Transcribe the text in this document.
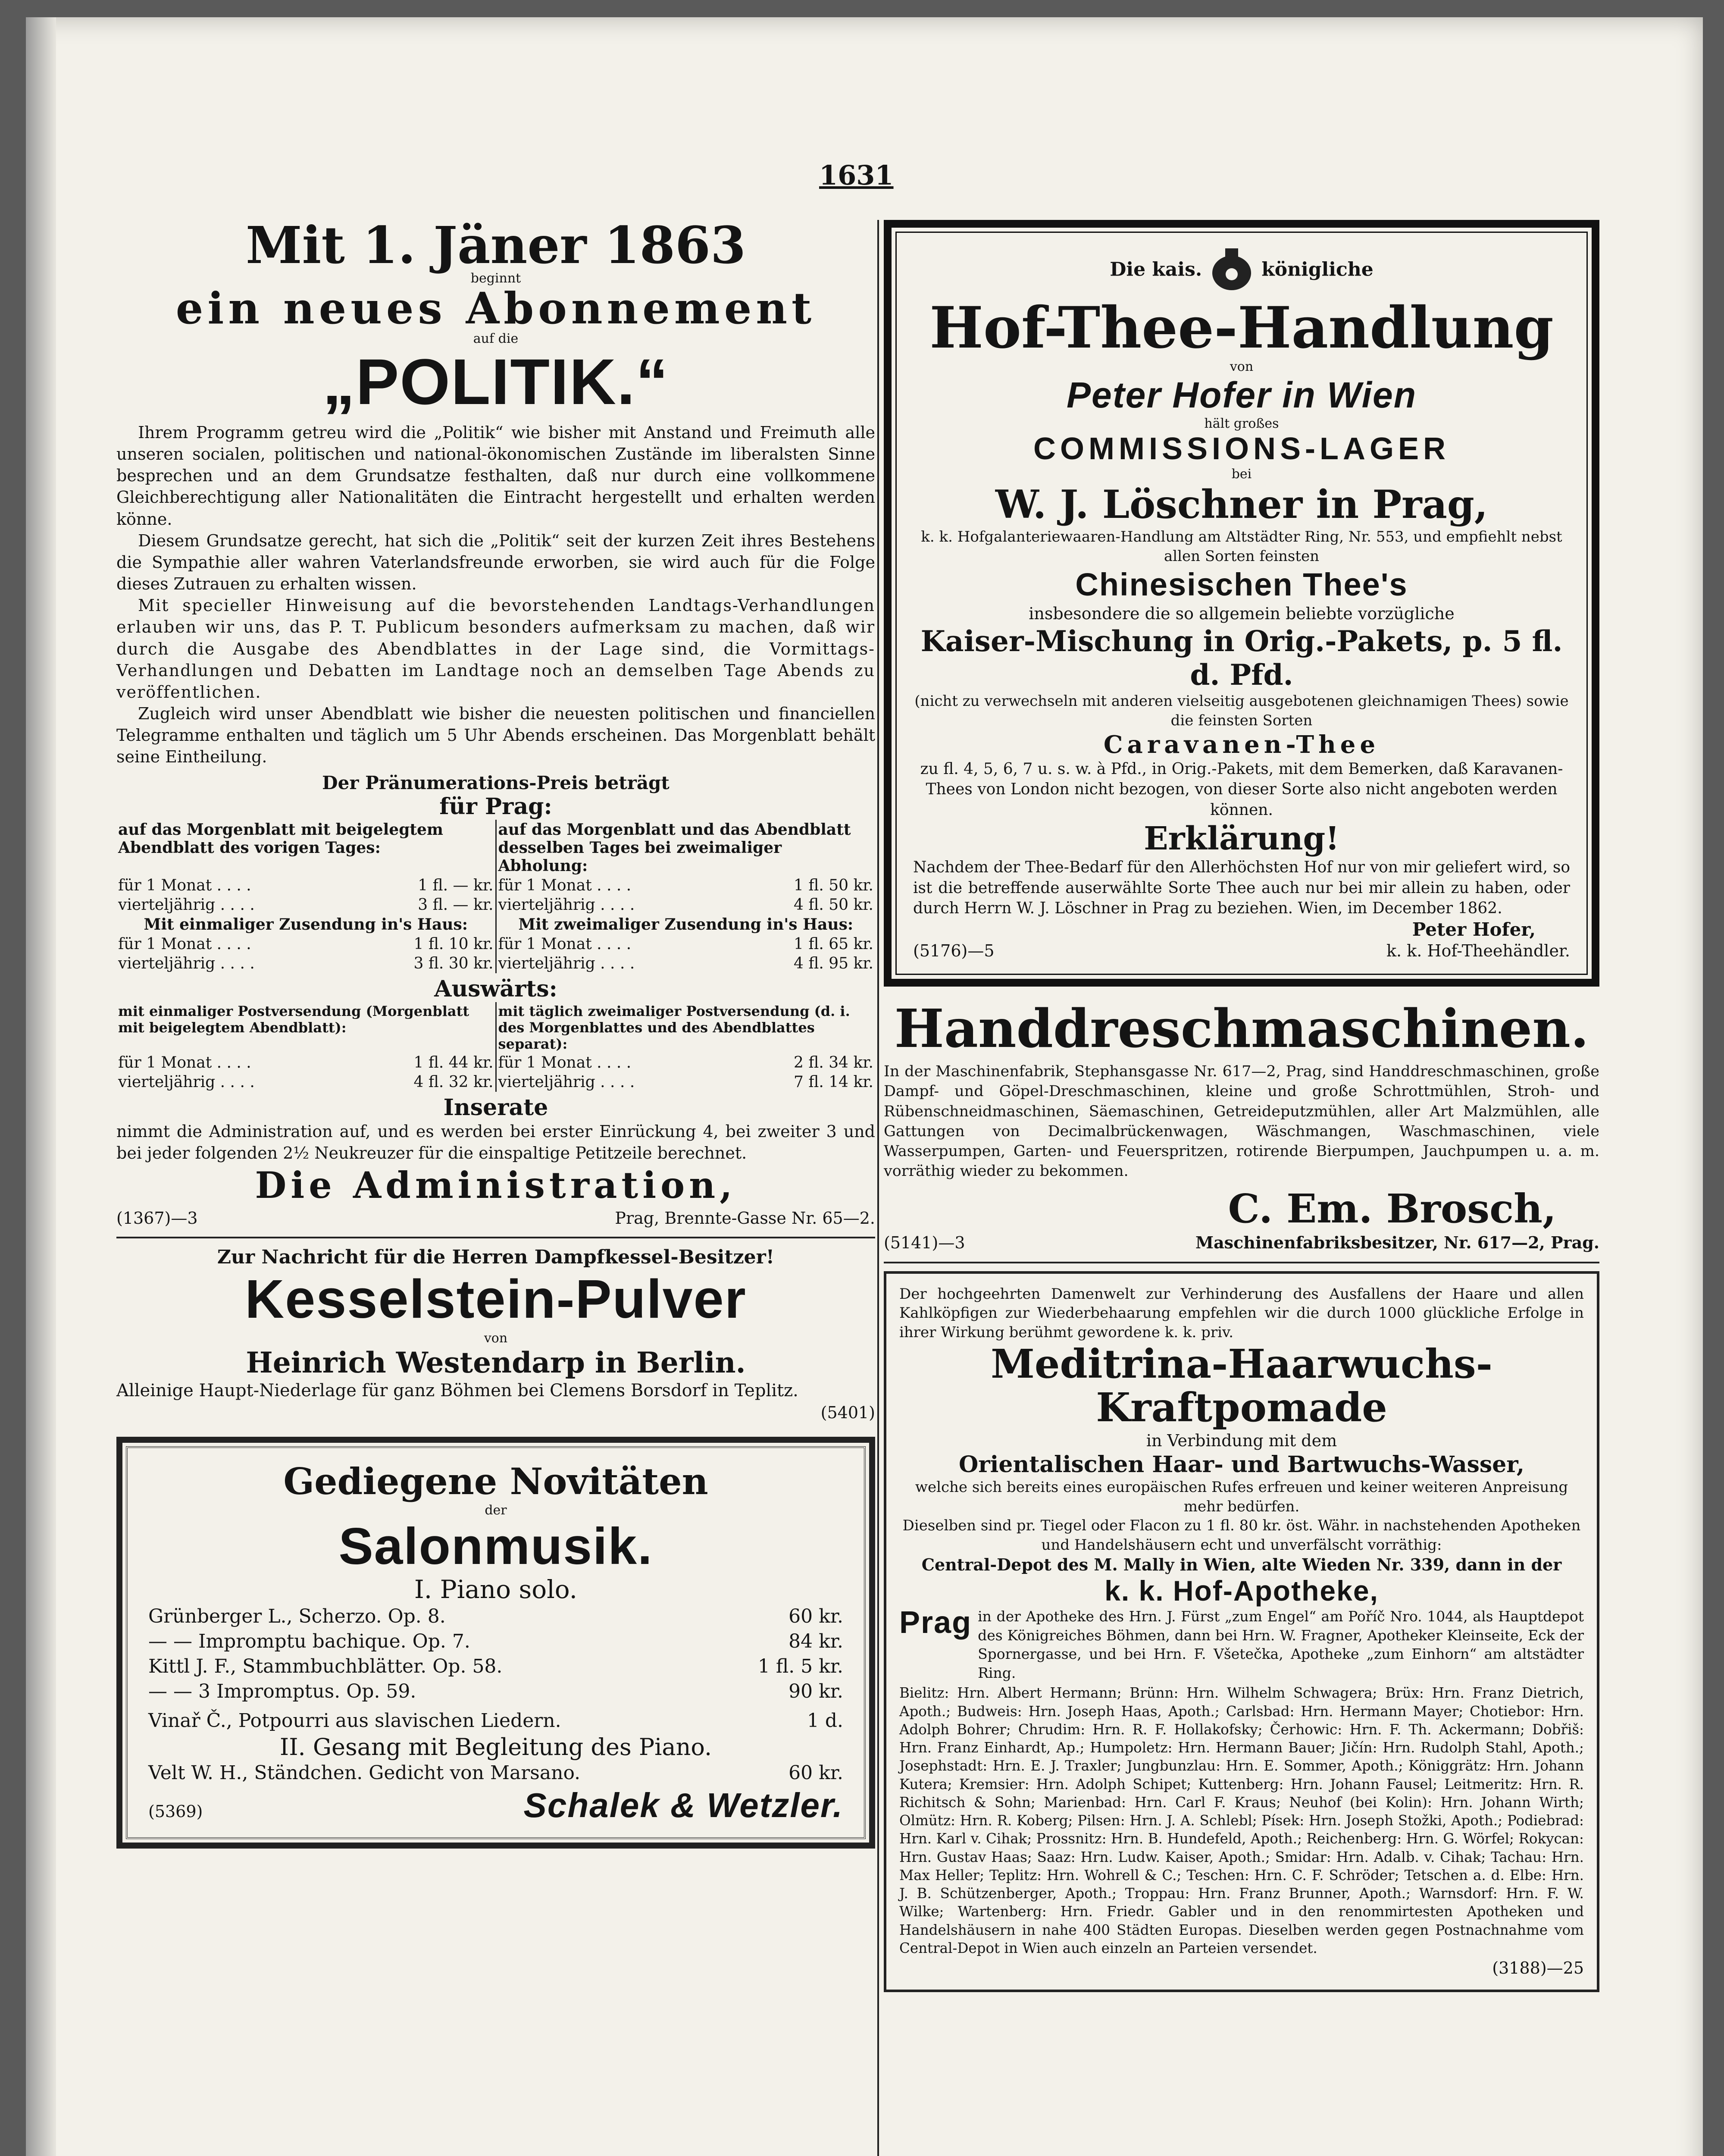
1631
Mit 1. Jäner 1863
beginnt
ein neues Abonnement
auf die
„POLITIK.“

Ihrem Programm getreu wird die „Politik“ wie bisher mit Anstand und Freimuth alle unseren socialen, politischen und national-ökonomischen Zustände im liberalsten Sinne besprechen und an dem Grundsatze festhalten, daß nur durch eine vollkommene Gleichberechtigung aller Nationalitäten die Eintracht hergestellt und erhalten werden könne.

Diesem Grundsatze gerecht, hat sich die „Politik“ seit der kurzen Zeit ihres Bestehens die Sympathie aller wahren Vaterlandsfreunde erworben, sie wird auch für die Folge dieses Zutrauen zu erhalten wissen.

Mit specieller Hinweisung auf die bevorstehenden Landtags-Verhandlungen erlauben wir uns, das P. T. Publicum besonders aufmerksam zu machen, daß wir durch die Ausgabe des Abendblattes in der Lage sind, die Vormittags-Verhandlungen und Debatten im Landtage noch an demselben Tage Abends zu veröffentlichen.

Zugleich wird unser Abendblatt wie bisher die neuesten politischen und financiellen Telegramme enthalten und täglich um 5 Uhr Abends erscheinen. Das Morgenblatt behält seine Eintheilung.

Der Pränumerations-Preis beträgt
für Prag:
auf das Morgenblatt mit beigelegtem Abendblatt des vorigen Tages:	auf das Morgenblatt und das Abendblatt desselben Tages bei zweimaliger Abholung:

für 1 Monat . . . . 1 fl. — kr.	für 1 Monat . . . . 1 fl. 50 kr.

vierteljährig . . . . 3 fl. — kr.	vierteljährig . . . . 4 fl. 50 kr.

Mit einmaliger Zusendung in's Haus:	Mit zweimaliger Zusendung in's Haus:

für 1 Monat . . . . 1 fl. 10 kr.	für 1 Monat . . . . 1 fl. 65 kr.

vierteljährig . . . . 3 fl. 30 kr.	vierteljährig . . . . 4 fl. 95 kr.
Auswärts:
mit einmaliger Postversendung (Morgenblatt mit beigelegtem Abendblatt):	mit täglich zweimaliger Postversendung (d. i. des Morgenblattes und des Abendblattes separat):

für 1 Monat . . . . 1 fl. 44 kr.	für 1 Monat . . . . 2 fl. 34 kr.

vierteljährig . . . . 4 fl. 32 kr.	vierteljährig . . . . 7 fl. 14 kr.
Inserate

nimmt die Administration auf, und es werden bei erster Einrückung 4, bei zweiter 3 und bei jeder folgenden 2½ Neukreuzer für die einspaltige Petitzeile berechnet.

Die Administration,
(1367)—3	Prag, Brennte-Gasse Nr. 65—2.
Zur Nachricht für die Herren Dampfkessel-Besitzer!
Kesselstein-Pulver
von
Heinrich Westendarp in Berlin.

Alleinige Haupt-Niederlage für ganz Böhmen bei Clemens Borsdorf in Teplitz.

(5401)
Gediegene Novitäten
der
Salonmusik.
I. Piano solo.
Grünberger L., Scherzo. Op. 8.	60 kr.
— — Impromptu bachique. Op. 7.	84 kr.
Kittl J. F., Stammbuchblätter. Op. 58.	1 fl. 5 kr.
— — 3 Impromptus. Op. 59.	90 kr.
Vinař Č., Potpourri aus slavischen Liedern.	1 d.
II. Gesang mit Begleitung des Piano.
Velt W. H., Ständchen. Gedicht von Marsano.	60 kr.
(5369)	Schalek & Wetzler.
Die kais.	königliche
Hof-Thee-Handlung
von
Peter Hofer in Wien
hält großes
COMMISSIONS-LAGER
bei
W. J. Löschner in Prag,
k. k. Hofgalanteriewaaren-Handlung am Altstädter Ring, Nr. 553, und empfiehlt nebst allen Sorten feinsten
Chinesischen Thee's
insbesondere die so allgemein beliebte vorzügliche
Kaiser-Mischung in Orig.-Pakets, p. 5 fl. d. Pfd.
(nicht zu verwechseln mit anderen vielseitig ausgebotenen gleichnamigen Thees) sowie die feinsten Sorten
Caravanen-Thee
zu fl. 4, 5, 6, 7 u. s. w. à Pfd., in Orig.-Pakets, mit dem Bemerken, daß Karavanen-Thees von London nicht bezogen, von dieser Sorte also nicht angeboten werden können.
Erklärung!

Nachdem der Thee-Bedarf für den Allerhöchsten Hof nur von mir geliefert wird, so ist die betreffende auserwählte Sorte Thee auch nur bei mir allein zu haben, oder durch Herrn W. J. Löschner in Prag zu beziehen. Wien, im December 1862.

Peter Hofer,
(5176)—5	k. k. Hof-Theehändler.
Handdreschmaschinen.

In der Maschinenfabrik, Stephansgasse Nr. 617—2, Prag, sind Handdreschmaschinen, große Dampf- und Göpel-Dreschmaschinen, kleine und große Schrottmühlen, Stroh- und Rübenschneidmaschinen, Säemaschinen, Getreideputzmühlen, aller Art Malzmühlen, alle Gattungen von Decimalbrückenwagen, Wäschmangen, Waschmaschinen, viele Wasserpumpen, Garten- und Feuerspritzen, rotirende Bierpumpen, Jauchpumpen u. a. m. vorräthig wieder zu bekommen.

C. Em. Brosch,
(5141)—3	Maschinenfabriksbesitzer, Nr. 617—2, Prag.

Der hochgeehrten Damenwelt zur Verhinderung des Ausfallens der Haare und allen Kahlköpfigen zur Wiederbehaarung empfehlen wir die durch 1000 glückliche Erfolge in ihrer Wirkung berühmt gewordene k. k. priv.

Meditrina-Haarwuchs-Kraftpomade
in Verbindung mit dem
Orientalischen Haar- und Bartwuchs-Wasser,
welche sich bereits eines europäischen Rufes erfreuen und keiner weiteren Anpreisung mehr bedürfen.
Dieselben sind pr. Tiegel oder Flacon zu 1 fl. 80 kr. öst. Währ. in nachstehenden Apotheken und Handelshäusern echt und unverfälscht vorräthig:
Central-Depot des M. Mally in Wien, alte Wieden Nr. 339, dann in der
k. k. Hof-Apotheke,
Prag in der Apotheke des Hrn. J. Fürst „zum Engel“ am Poříč Nro. 1044, als Hauptdepot des Königreiches Böhmen, dann bei Hrn. W. Fragner, Apotheker Kleinseite, Eck der Spornergasse, und bei Hrn. F. Všetečka, Apotheke „zum Einhorn“ am altstädter Ring.

Bielitz: Hrn. Albert Hermann; Brünn: Hrn. Wilhelm Schwagera; Brüx: Hrn. Franz Dietrich, Apoth.; Budweis: Hrn. Joseph Haas, Apoth.; Carlsbad: Hrn. Hermann Mayer; Chotiebor: Hrn. Adolph Bohrer; Chrudim: Hrn. R. F. Hollakofsky; Čerhowic: Hrn. F. Th. Ackermann; Dobřiš: Hrn. Franz Einhardt, Ap.; Humpoletz: Hrn. Hermann Bauer; Jičín: Hrn. Rudolph Stahl, Apoth.; Josephstadt: Hrn. E. J. Traxler; Jungbunzlau: Hrn. E. Sommer, Apoth.; Königgrätz: Hrn. Johann Kutera; Kremsier: Hrn. Adolph Schipet; Kuttenberg: Hrn. Johann Fausel; Leitmeritz: Hrn. R. Richitsch & Sohn; Marienbad: Hrn. Carl F. Kraus; Neuhof (bei Kolin): Hrn. Johann Wirth; Olmütz: Hrn. R. Koberg; Pilsen: Hrn. J. A. Schlebl; Písek: Hrn. Joseph Stožki, Apoth.; Podiebrad: Hrn. Karl v. Cihak; Prossnitz: Hrn. B. Hundefeld, Apoth.; Reichenberg: Hrn. G. Wörfel; Rokycan: Hrn. Gustav Haas; Saaz: Hrn. Ludw. Kaiser, Apoth.; Smidar: Hrn. Adalb. v. Cihak; Tachau: Hrn. Max Heller; Teplitz: Hrn. Wohrell & C.; Teschen: Hrn. C. F. Schröder; Tetschen a. d. Elbe: Hrn. J. B. Schützenberger, Apoth.; Troppau: Hrn. Franz Brunner, Apoth.; Warnsdorf: Hrn. F. W. Wilke; Wartenberg: Hrn. Friedr. Gabler und in den renommirtesten Apotheken und Handelshäusern in nahe 400 Städten Europas. Dieselben werden gegen Postnachnahme vom Central-Depot in Wien auch einzeln an Parteien versendet.

(3188)—25
